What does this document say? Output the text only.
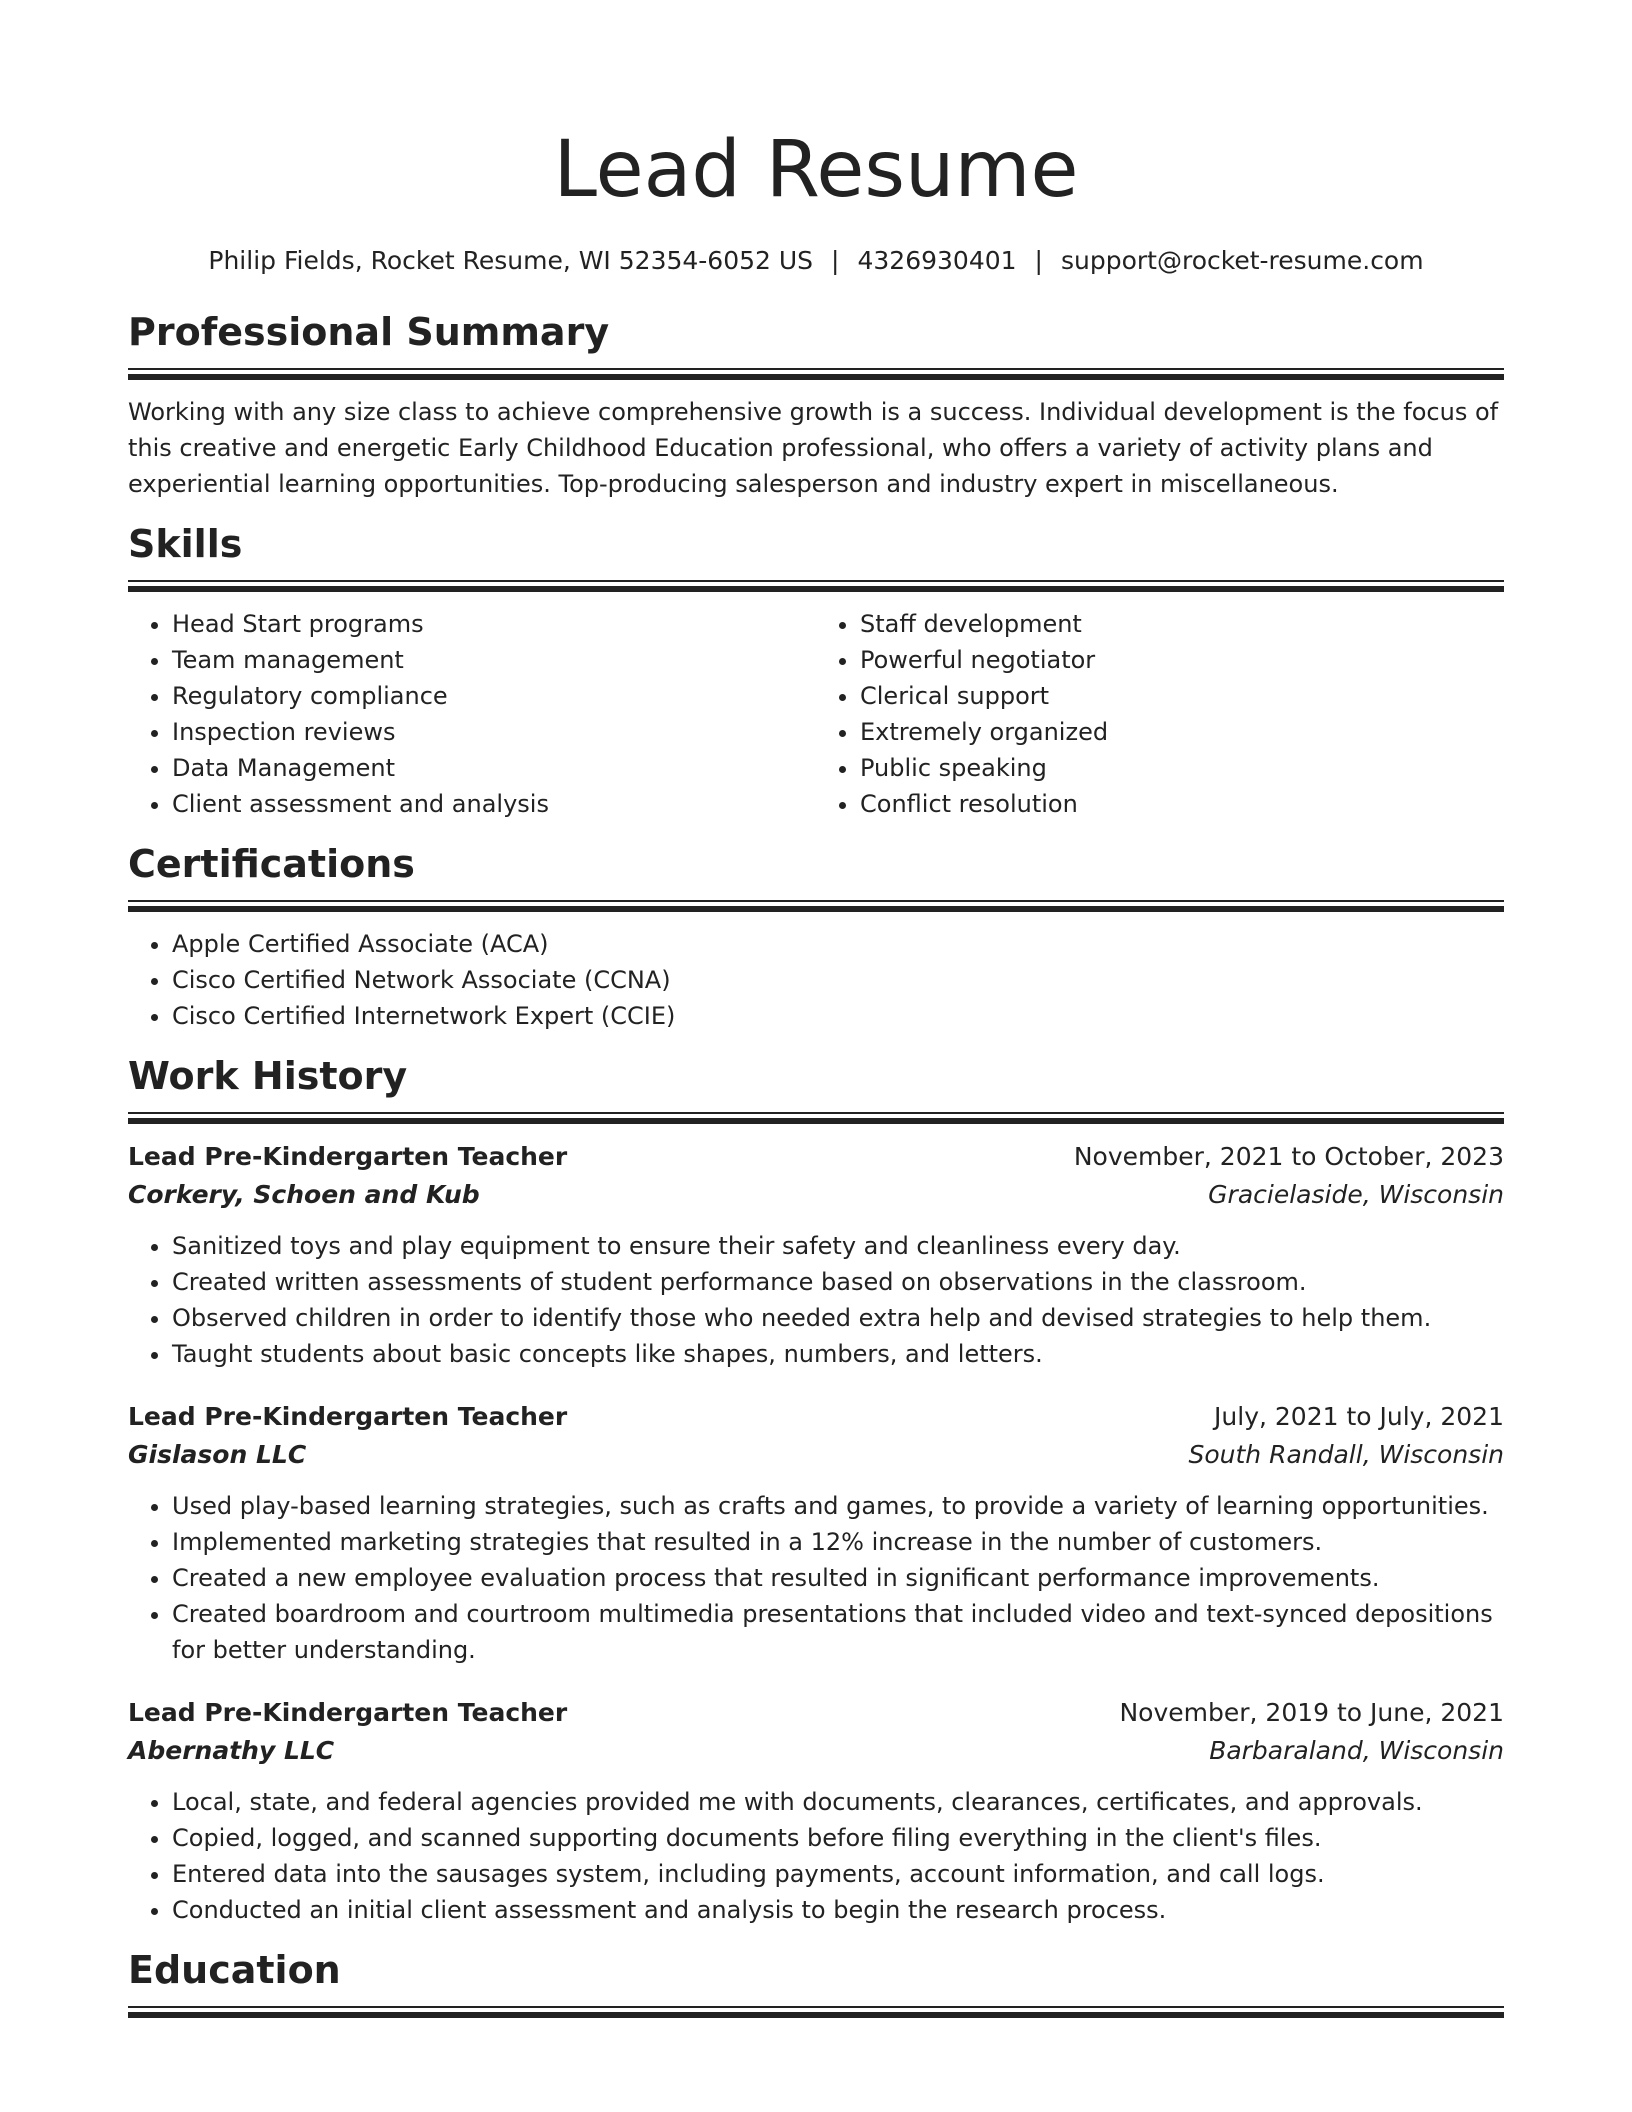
Lead Resume
Philip Fields, Rocket Resume, WI 52354-6052 US | 4326930401 | support@rocket-resume.com
Professional Summary

Working with any size class to achieve comprehensive growth is a success. Individual development is the focus of this creative and energetic Early Childhood Education professional, who offers a variety of activity plans and experiential learning opportunities. Top-producing salesperson and industry expert in miscellaneous.

Skills
• Head Start programs
• Team management
• Regulatory compliance
• Inspection reviews
• Data Management
• Client assessment and analysis
• Staff development
• Powerful negotiator
• Clerical support
• Extremely organized
• Public speaking
• Conflict resolution
Certifications
• Apple Certified Associate (ACA)
• Cisco Certified Network Associate (CCNA)
• Cisco Certified Internetwork Expert (CCIE)
Work History
Lead Pre-Kindergarten Teacher	November, 2021 to October, 2023
Corkery, Schoen and Kub	Gracielaside, Wisconsin
• Sanitized toys and play equipment to ensure their safety and cleanliness every day.
• Created written assessments of student performance based on observations in the classroom.
• Observed children in order to identify those who needed extra help and devised strategies to help them.
• Taught students about basic concepts like shapes, numbers, and letters.
Lead Pre-Kindergarten Teacher	July, 2021 to July, 2021
Gislason LLC	South Randall, Wisconsin
• Used play-based learning strategies, such as crafts and games, to provide a variety of learning opportunities.
• Implemented marketing strategies that resulted in a 12% increase in the number of customers.
• Created a new employee evaluation process that resulted in significant performance improvements.
• Created boardroom and courtroom multimedia presentations that included video and text-synced depositions for better understanding.
Lead Pre-Kindergarten Teacher	November, 2019 to June, 2021
Abernathy LLC	Barbaraland, Wisconsin
• Local, state, and federal agencies provided me with documents, clearances, certificates, and approvals.
• Copied, logged, and scanned supporting documents before filing everything in the client's files.
• Entered data into the sausages system, including payments, account information, and call logs.
• Conducted an initial client assessment and analysis to begin the research process.
Education
